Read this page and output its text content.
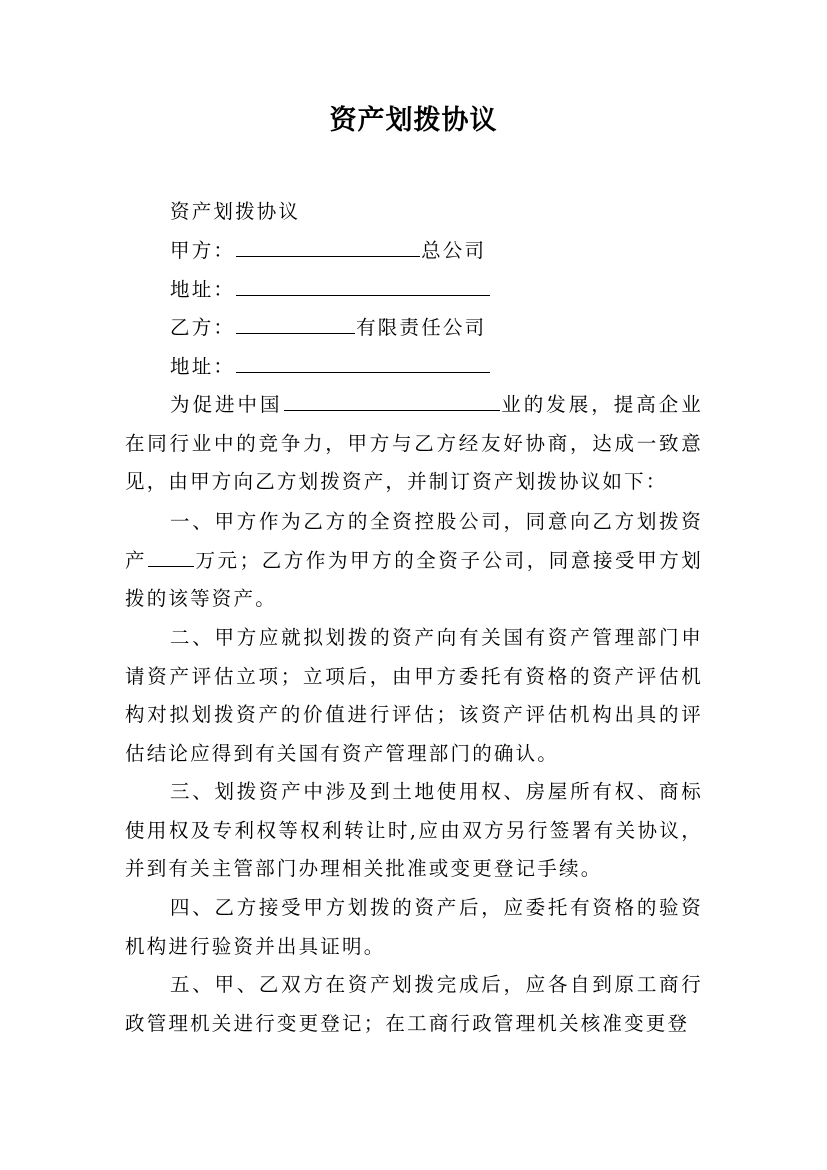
资产划拨协议
资产划拨协议
甲方：	总公司
地址：
乙方：	有限责任公司
地址：

为促进中国	业的发展，提高企业在同行业中的竞争力，甲方与乙方经友好协商，达成一致意见，由甲方向乙方划拨资产，并制订资产划拨协议如下：

一、甲方作为乙方的全资控股公司，同意向乙方划拨资产 万元；乙方作为甲方的全资子公司，同意接受甲方划拨的该等资产。

二、甲方应就拟划拨的资产向有关国有资产管理部门申请资产评估立项；立项后，由甲方委托有资格的资产评估机构对拟划拨资产的价值进行评估；该资产评估机构出具的评估结论应得到有关国有资产管理部门的确认。

三、划拨资产中涉及到土地使用权、房屋所有权、商标使用权及专利权等权利转让时,应由双方另行签署有关协议，并到有关主管部门办理相关批准或变更登记手续。

四、乙方接受甲方划拨的资产后，应委托有资格的验资机构进行验资并出具证明。

五、甲、乙双方在资产划拨完成后，应各自到原工商行政管理机关进行变更登记；在工商行政管理机关核准变更登
